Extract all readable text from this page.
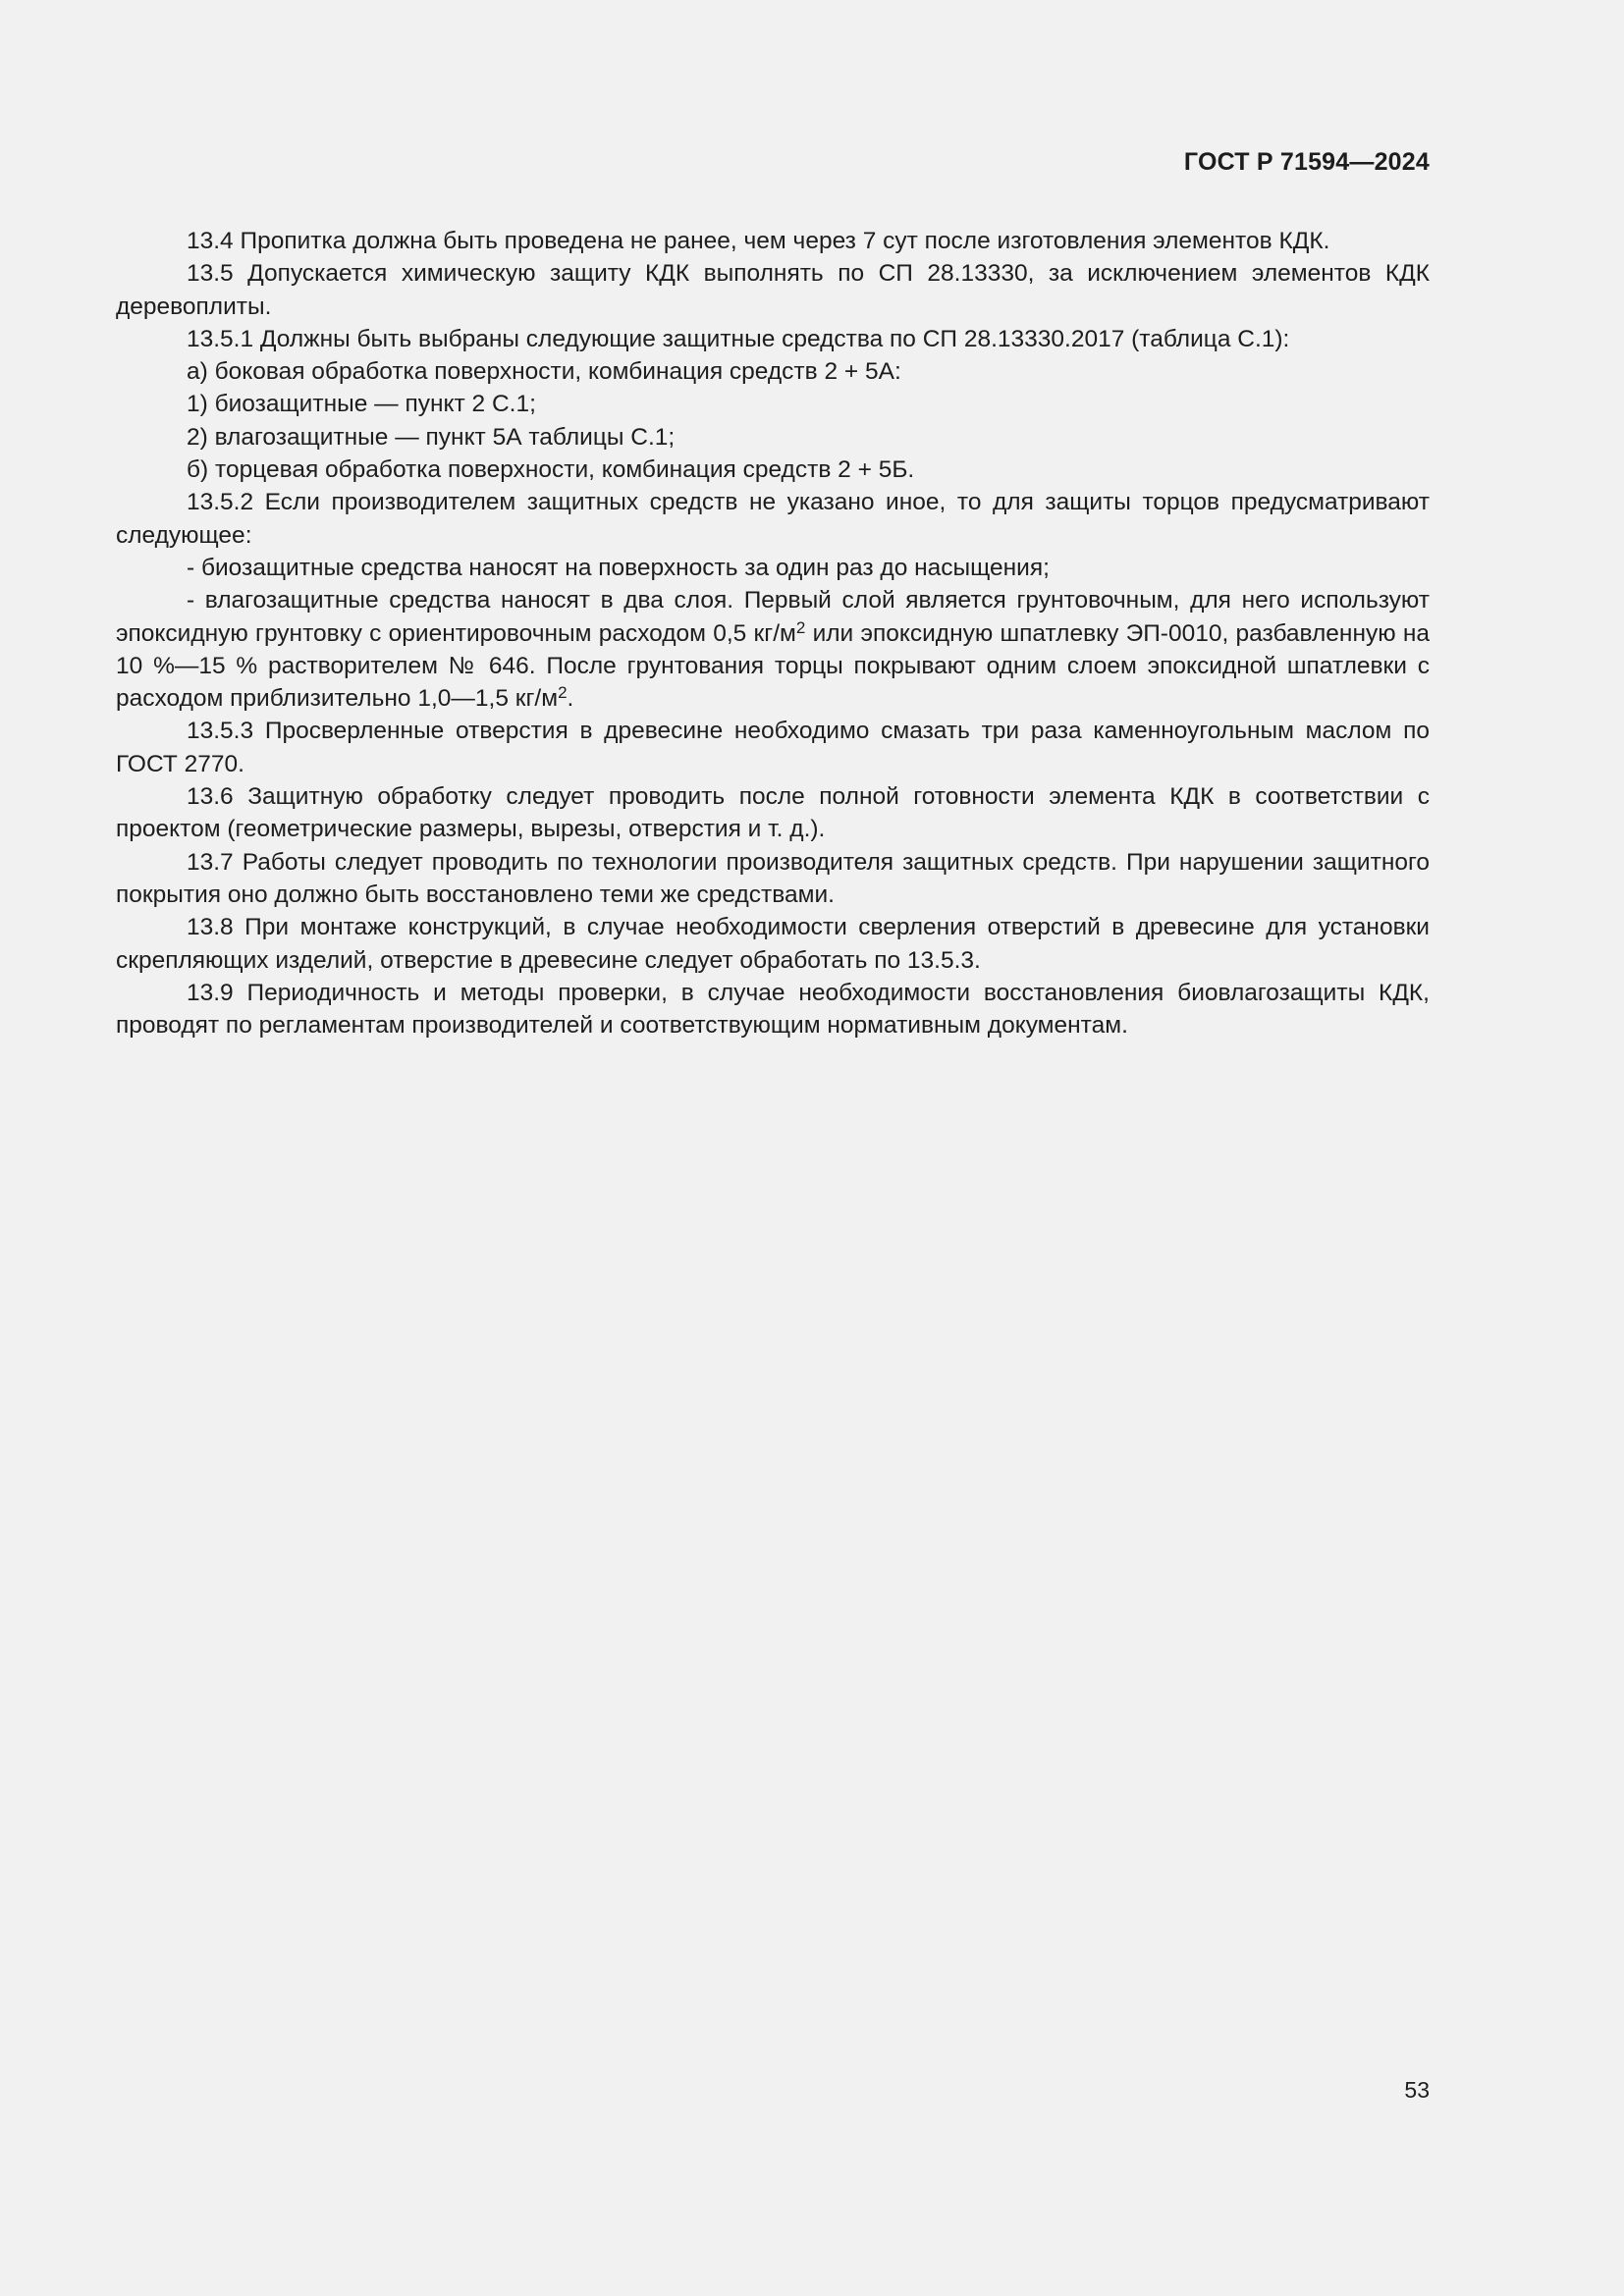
ГОСТ Р 71594—2024

13.4 Пропитка должна быть проведена не ранее, чем через 7 сут после изготовления элементов КДК.

13.5 Допускается химическую защиту КДК выполнять по СП 28.13330, за исключением элементов КДК деревоплиты.

13.5.1 Должны быть выбраны следующие защитные средства по СП 28.13330.2017 (таблица С.1):

а) боковая обработка поверхности, комбинация средств 2 + 5А:

1) биозащитные — пункт 2 С.1;

2) влагозащитные — пункт 5А таблицы С.1;

б) торцевая обработка поверхности, комбинация средств 2 + 5Б.

13.5.2 Если производителем защитных средств не указано иное, то для защиты торцов предусматривают следующее:

- биозащитные средства наносят на поверхность за один раз до насыщения;

- влагозащитные средства наносят в два слоя. Первый слой является грунтовочным, для него используют эпоксидную грунтовку с ориентировочным расходом 0,5 $кг/м^2$ или эпоксидную шпатлевку ЭП-0010, разбавленную на 10 %—15 % растворителем № 646. После грунтования торцы покрывают одним слоем эпоксидной шпатлевки с расходом приблизительно 1,0—1,5 $кг/м^2$.

13.5.3 Просверленные отверстия в древесине необходимо смазать три раза каменноугольным маслом по ГОСТ 2770.

13.6 Защитную обработку следует проводить после полной готовности элемента КДК в соответствии с проектом (геометрические размеры, вырезы, отверстия и т. д.).

13.7 Работы следует проводить по технологии производителя защитных средств. При нарушении защитного покрытия оно должно быть восстановлено теми же средствами.

13.8 При монтаже конструкций, в случае необходимости сверления отверстий в древесине для установки скрепляющих изделий, отверстие в древесине следует обработать по 13.5.3.

13.9 Периодичность и методы проверки, в случае необходимости восстановления биовлагозащиты КДК, проводят по регламентам производителей и соответствующим нормативным документам.

53
